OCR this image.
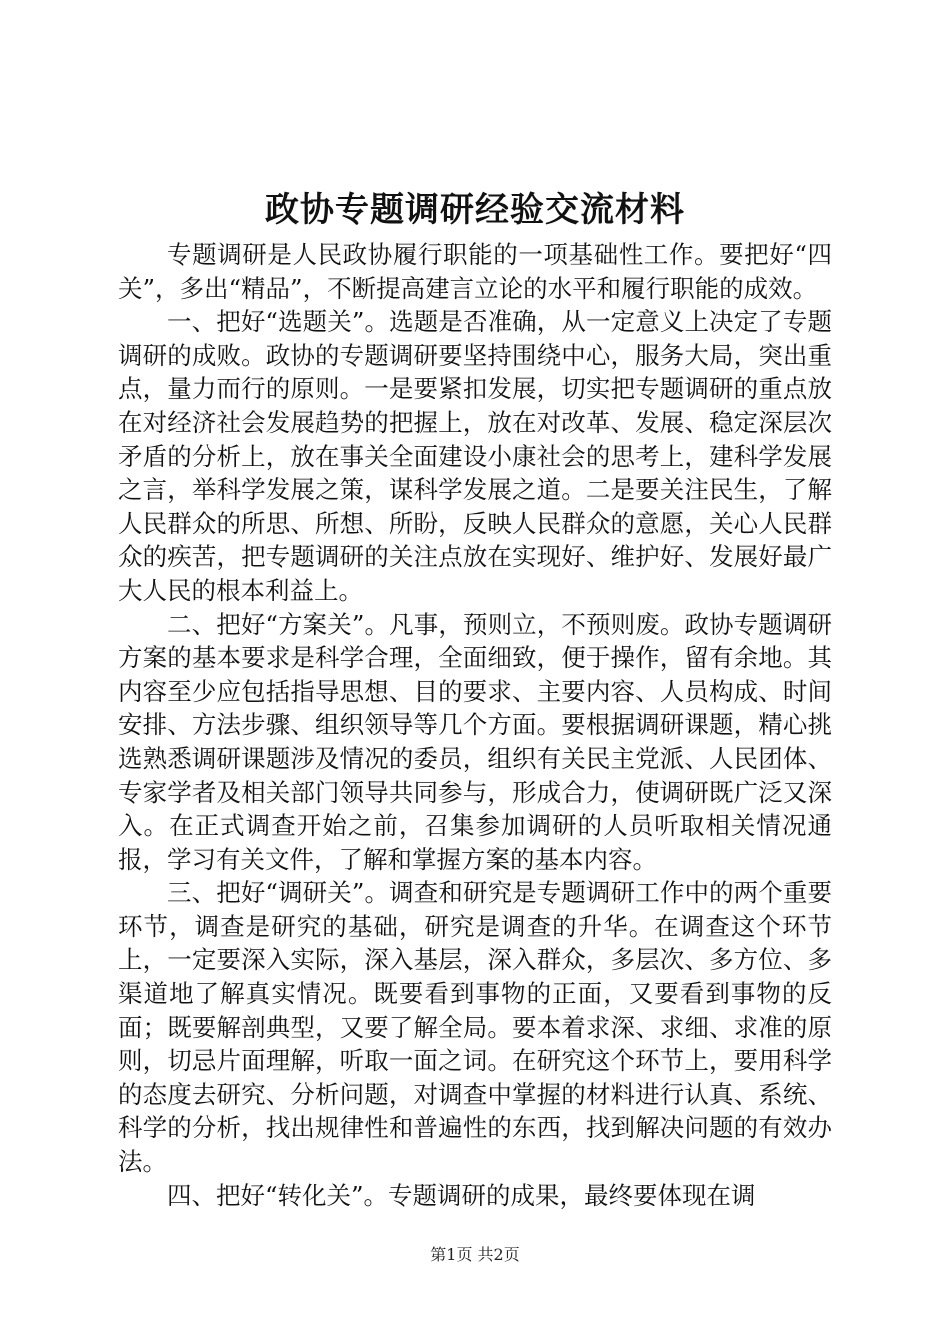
政协专题调研经验交流材料

专题调研是人民政协履行职能的一项基础性工作。要把好“四关”，多出“精品”，不断提高建言立论的水平和履行职能的成效。

一、把好“选题关”。选题是否准确，从一定意义上决定了专题调研的成败。政协的专题调研要坚持围绕中心，服务大局，突出重点，量力而行的原则。一是要紧扣发展，切实把专题调研的重点放在对经济社会发展趋势的把握上，放在对改革、发展、稳定深层次矛盾的分析上，放在事关全面建设小康社会的思考上，建科学发展之言，举科学发展之策，谋科学发展之道。二是要关注民生，了解人民群众的所思、所想、所盼，反映人民群众的意愿，关心人民群众的疾苦，把专题调研的关注点放在实现好、维护好、发展好最广大人民的根本利益上。

二、把好“方案关”。凡事，预则立，不预则废。政协专题调研方案的基本要求是科学合理，全面细致，便于操作，留有余地。其内容至少应包括指导思想、目的要求、主要内容、人员构成、时间安排、方法步骤、组织领导等几个方面。要根据调研课题，精心挑选熟悉调研课题涉及情况的委员，组织有关民主党派、人民团体、专家学者及相关部门领导共同参与，形成合力，使调研既广泛又深入。在正式调查开始之前，召集参加调研的人员听取相关情况通报，学习有关文件，了解和掌握方案的基本内容。

三、把好“调研关”。调查和研究是专题调研工作中的两个重要环节，调查是研究的基础，研究是调查的升华。在调查这个环节上，一定要深入实际，深入基层，深入群众，多层次、多方位、多渠道地了解真实情况。既要看到事物的正面，又要看到事物的反面；既要解剖典型，又要了解全局。要本着求深、求细、求准的原则，切忌片面理解，听取一面之词。在研究这个环节上，要用科学的态度去研究、分析问题，对调查中掌握的材料进行认真、系统、科学的分析，找出规律性和普遍性的东西，找到解决问题的有效办法。

四、把好“转化关”。专题调研的成果，最终要体现在调

第1页 共2页
